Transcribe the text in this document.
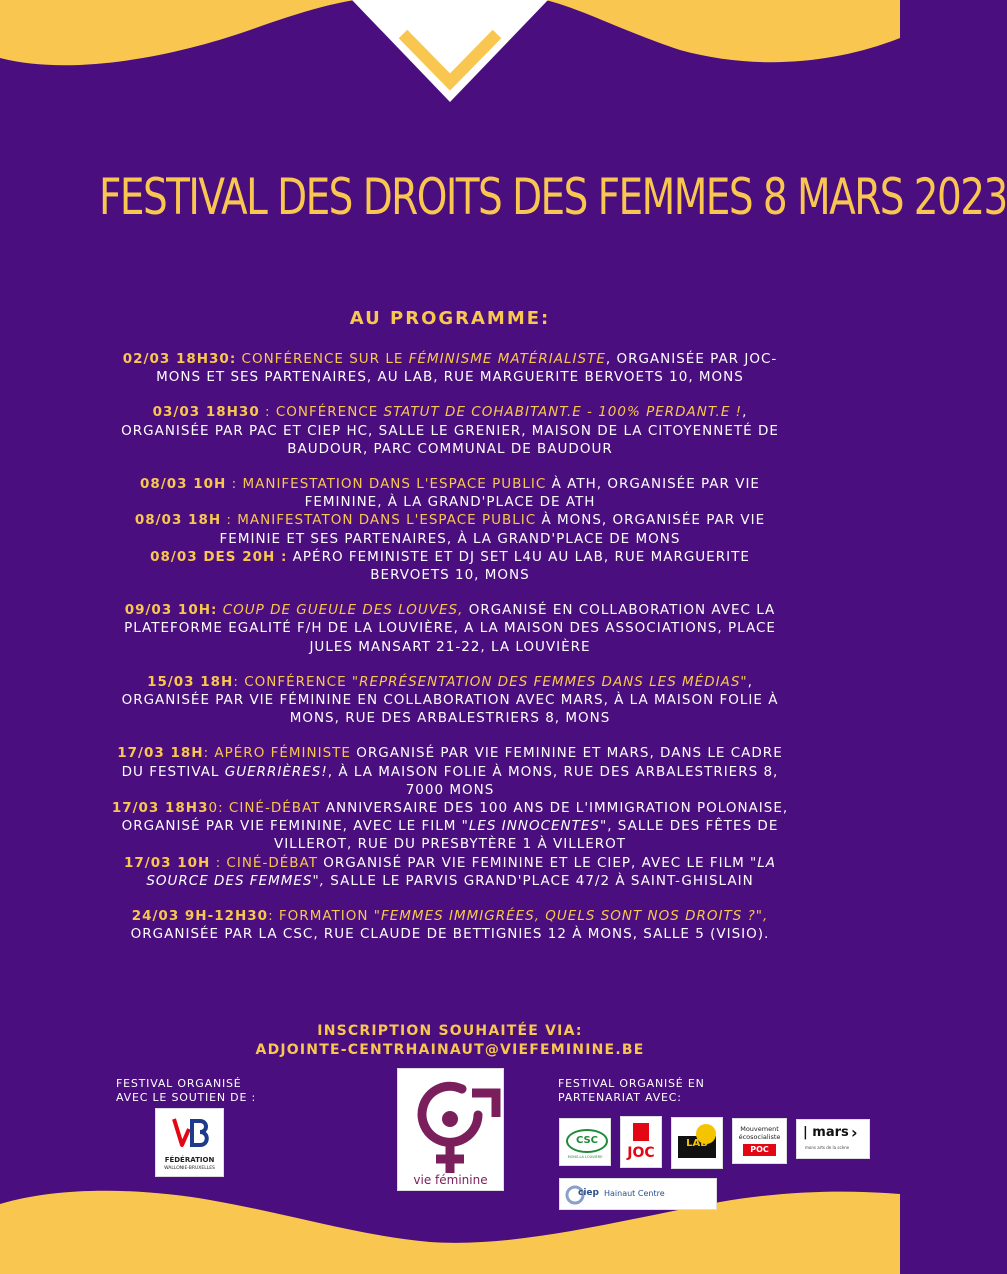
FESTIVAL DES DROITS DES FEMMES 8 MARS 2023
AU PROGRAMME:
02/03 18H30: CONFÉRENCE SUR LE FÉMINISME MATÉRIALISTE, ORGANISÉE PAR JOC-MONS ET SES PARTENAIRES, AU LAB, RUE MARGUERITE BERVOETS 10, MONS
03/03 18H30 : CONFÉRENCE STATUT DE COHABITANT.E - 100% PERDANT.E !, ORGANISÉE PAR PAC ET CIEP HC, SALLE LE GRENIER, MAISON DE LA CITOYENNETÉ DE BAUDOUR, PARC COMMUNAL DE BAUDOUR
08/03 10H : MANIFESTATION DANS L'ESPACE PUBLIC À ATH, ORGANISÉE PAR VIE FEMININE, À LA GRAND'PLACE DE ATH
08/03 18H : MANIFESTATON DANS L'ESPACE PUBLIC À MONS, ORGANISÉE PAR VIE FEMINIE ET SES PARTENAIRES, À LA GRAND'PLACE DE MONS
08/03 DES 20H : APÉRO FEMINISTE ET DJ SET L4U AU LAB, RUE MARGUERITE BERVOETS 10, MONS
09/03 10H: COUP DE GUEULE DES LOUVES, ORGANISÉ EN COLLABORATION AVEC LA PLATEFORME EGALITÉ F/H DE LA LOUVIÈRE, A LA MAISON DES ASSOCIATIONS, PLACE JULES MANSART 21-22, LA LOUVIÈRE
15/03 18H: CONFÉRENCE "REPRÉSENTATION DES FEMMES DANS LES MÉDIAS", ORGANISÉE PAR VIE FÉMININE EN COLLABORATION AVEC MARS, À LA MAISON FOLIE À MONS, RUE DES ARBALESTRIERS 8, MONS
17/03 18H: APÉRO FÉMINISTE ORGANISÉ PAR VIE FEMININE ET MARS, DANS LE CADRE DU FESTIVAL GUERRIÈRES!, À LA MAISON FOLIE À MONS, RUE DES ARBALESTRIERS 8, 7000 MONS
17/03 18H30: CINÉ-DÉBAT ANNIVERSAIRE DES 100 ANS DE L'IMMIGRATION POLONAISE, ORGANISÉ PAR VIE FEMININE, AVEC LE FILM "LES INNOCENTES", SALLE DES FÊTES DE VILLEROT, RUE DU PRESBYTÈRE 1 À VILLEROT
17/03 10H : CINÉ-DÉBAT ORGANISÉ PAR VIE FEMININE ET LE CIEP, AVEC LE FILM "LA SOURCE DES FEMMES", SALLE LE PARVIS GRAND'PLACE 47/2 À SAINT-GHISLAIN
24/03 9H-12H30: FORMATION "FEMMES IMMIGRÉES, QUELS SONT NOS DROITS ?", ORGANISÉE PAR LA CSC, RUE CLAUDE DE BETTIGNIES 12 À MONS, SALLE 5 (VISIO).
INSCRIPTION SOUHAITÉE VIA:
ADJOINTE-CENTRHAINAUT@VIEFEMININE.BE
FESTIVAL ORGANISÉ
AVEC LE SOUTIEN DE :
FESTIVAL ORGANISÉ EN
PARTENARIAT AVEC:
FÉDÉRATION
WALLONIE-BRUXELLES
vie féminine
CSC
MONS-LA LOUVIÈRE	JOC
LAB
Mouvement
écosocialiste
POC
| mars ›
mons arts de la scène
ciep Hainaut Centre
